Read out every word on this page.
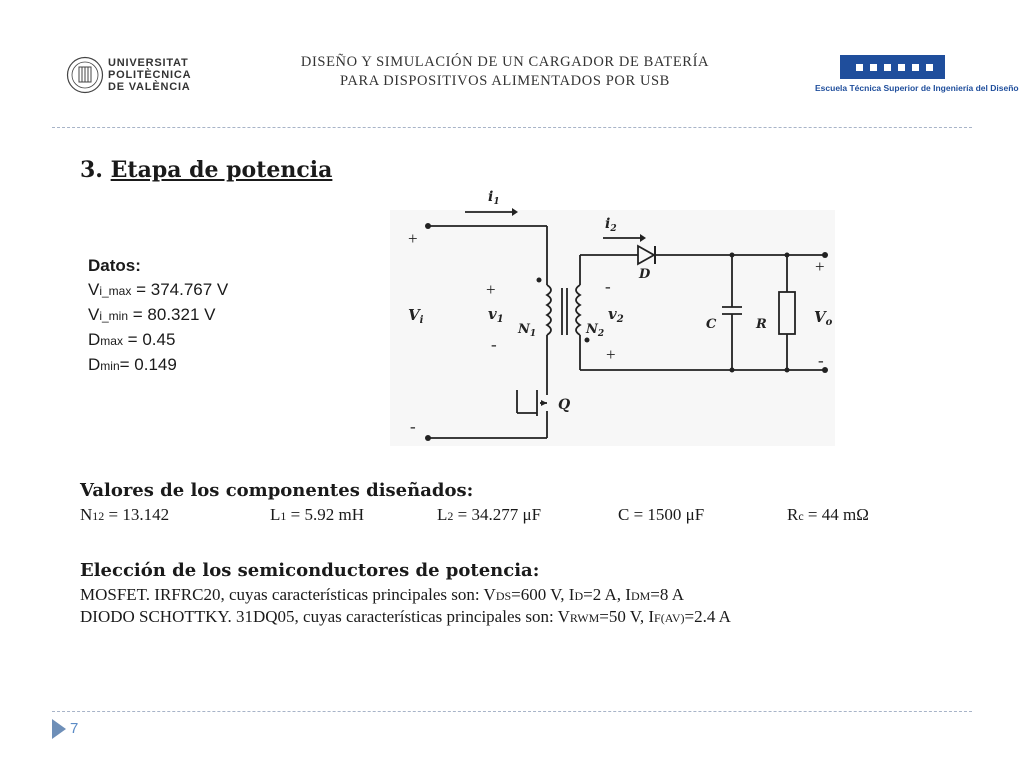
UNIVERSITAT
POLITÈCNICA
DE VALÈNCIA
DISEÑO Y SIMULACIÓN DE UN CARGADOR DE BATERÍA
PARA DISPOSITIVOS ALIMENTADOS POR USB	Escuela Técnica Superior de Ingeniería del Diseño
3. Etapa de potencia
Datos:
Vi_max = 374.767 V
Vi_min = 80.321 V
Dmax = 0.45
Dmin= 0.149
$i_1$
$i_2$
$V_i$	$v_1$	$v_2$
$N_1$	$N_2$
D
Q
C	R	$V_o$
+
-
+
-
-
+
+
-
Valores de los componentes diseñados:
N12 = 13.142	L1 = 5.92 mH	L2 = 34.277 μF	C = 1500 μF	Rc = 44 mΩ
Elección de los semiconductores de potencia:
MOSFET. IRFRC20, cuyas características principales son: VDS=600 V, ID=2 A, IDM=8 A
DIODO SCHOTTKY. 31DQ05, cuyas características principales son: VRWM=50 V, IF(AV)=2.4 A
7
